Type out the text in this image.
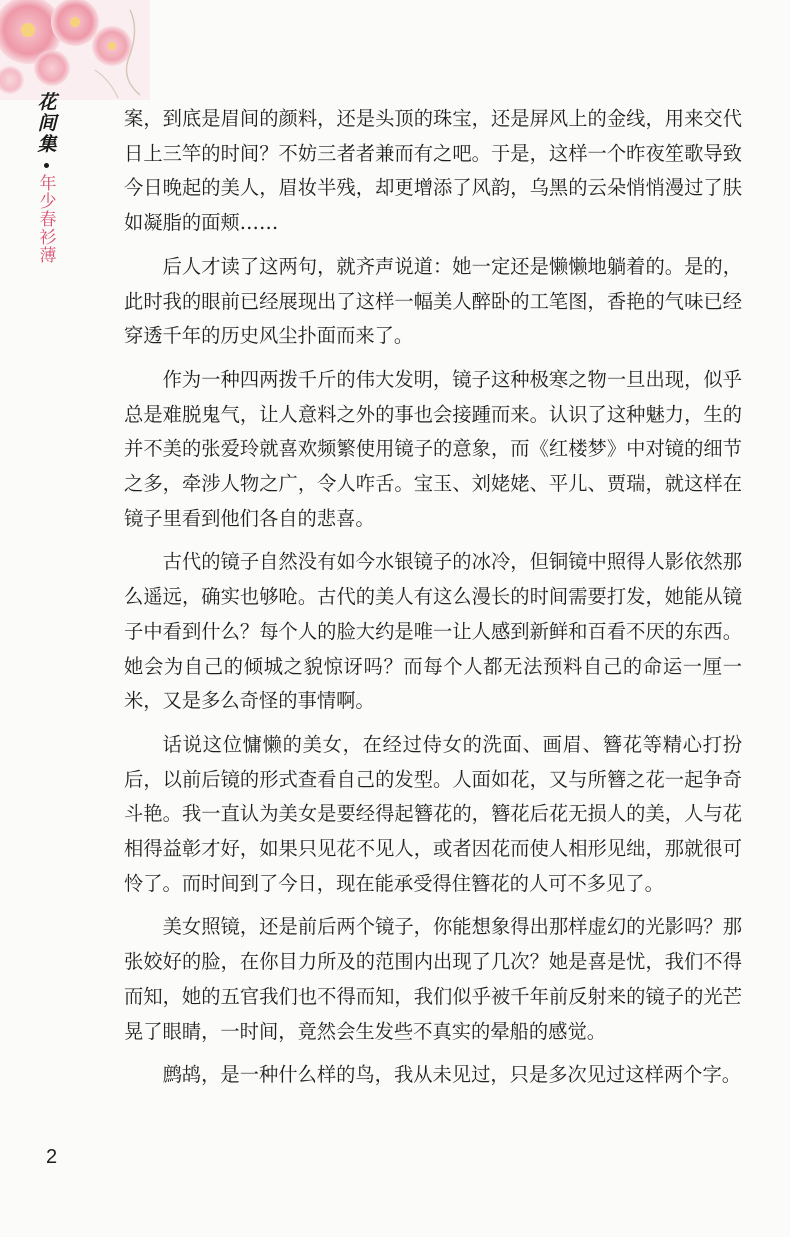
花间集
年少春衫薄

案，到底是眉间的颜料，还是头顶的珠宝，还是屏风上的金线，用来交代日上三竿的时间？不妨三者者兼而有之吧。于是，这样一个昨夜笙歌导致今日晚起的美人，眉妆半残，却更增添了风韵，乌黑的云朵悄悄漫过了肤如凝脂的面颊……

后人才读了这两句，就齐声说道：她一定还是懒懒地躺着的。是的，此时我的眼前已经展现出了这样一幅美人醉卧的工笔图，香艳的气味已经穿透千年的历史风尘扑面而来了。

作为一种四两拨千斤的伟大发明，镜子这种极寒之物一旦出现，似乎总是难脱鬼气，让人意料之外的事也会接踵而来。认识了这种魅力，生的并不美的张爱玲就喜欢频繁使用镜子的意象，而《红楼梦》中对镜的细节之多，牵涉人物之广，令人咋舌。宝玉、刘姥姥、平儿、贾瑞，就这样在镜子里看到他们各自的悲喜。

古代的镜子自然没有如今水银镜子的冰冷，但铜镜中照得人影依然那么遥远，确实也够呛。古代的美人有这么漫长的时间需要打发，她能从镜子中看到什么？每个人的脸大约是唯一让人感到新鲜和百看不厌的东西。她会为自己的倾城之貌惊讶吗？而每个人都无法预料自己的命运一厘一米，又是多么奇怪的事情啊。

话说这位慵懒的美女，在经过侍女的洗面、画眉、簪花等精心打扮后，以前后镜的形式查看自己的发型。人面如花，又与所簪之花一起争奇斗艳。我一直认为美女是要经得起簪花的，簪花后花无损人的美，人与花相得益彰才好，如果只见花不见人，或者因花而使人相形见绌，那就很可怜了。而时间到了今日，现在能承受得住簪花的人可不多见了。

美女照镜，还是前后两个镜子，你能想象得出那样虚幻的光影吗？那张姣好的脸，在你目力所及的范围内出现了几次？她是喜是忧，我们不得而知，她的五官我们也不得而知，我们似乎被千年前反射来的镜子的光芒晃了眼睛，一时间，竟然会生发些不真实的晕船的感觉。

鹧鸪，是一种什么样的鸟，我从未见过，只是多次见过这样两个字。

2
